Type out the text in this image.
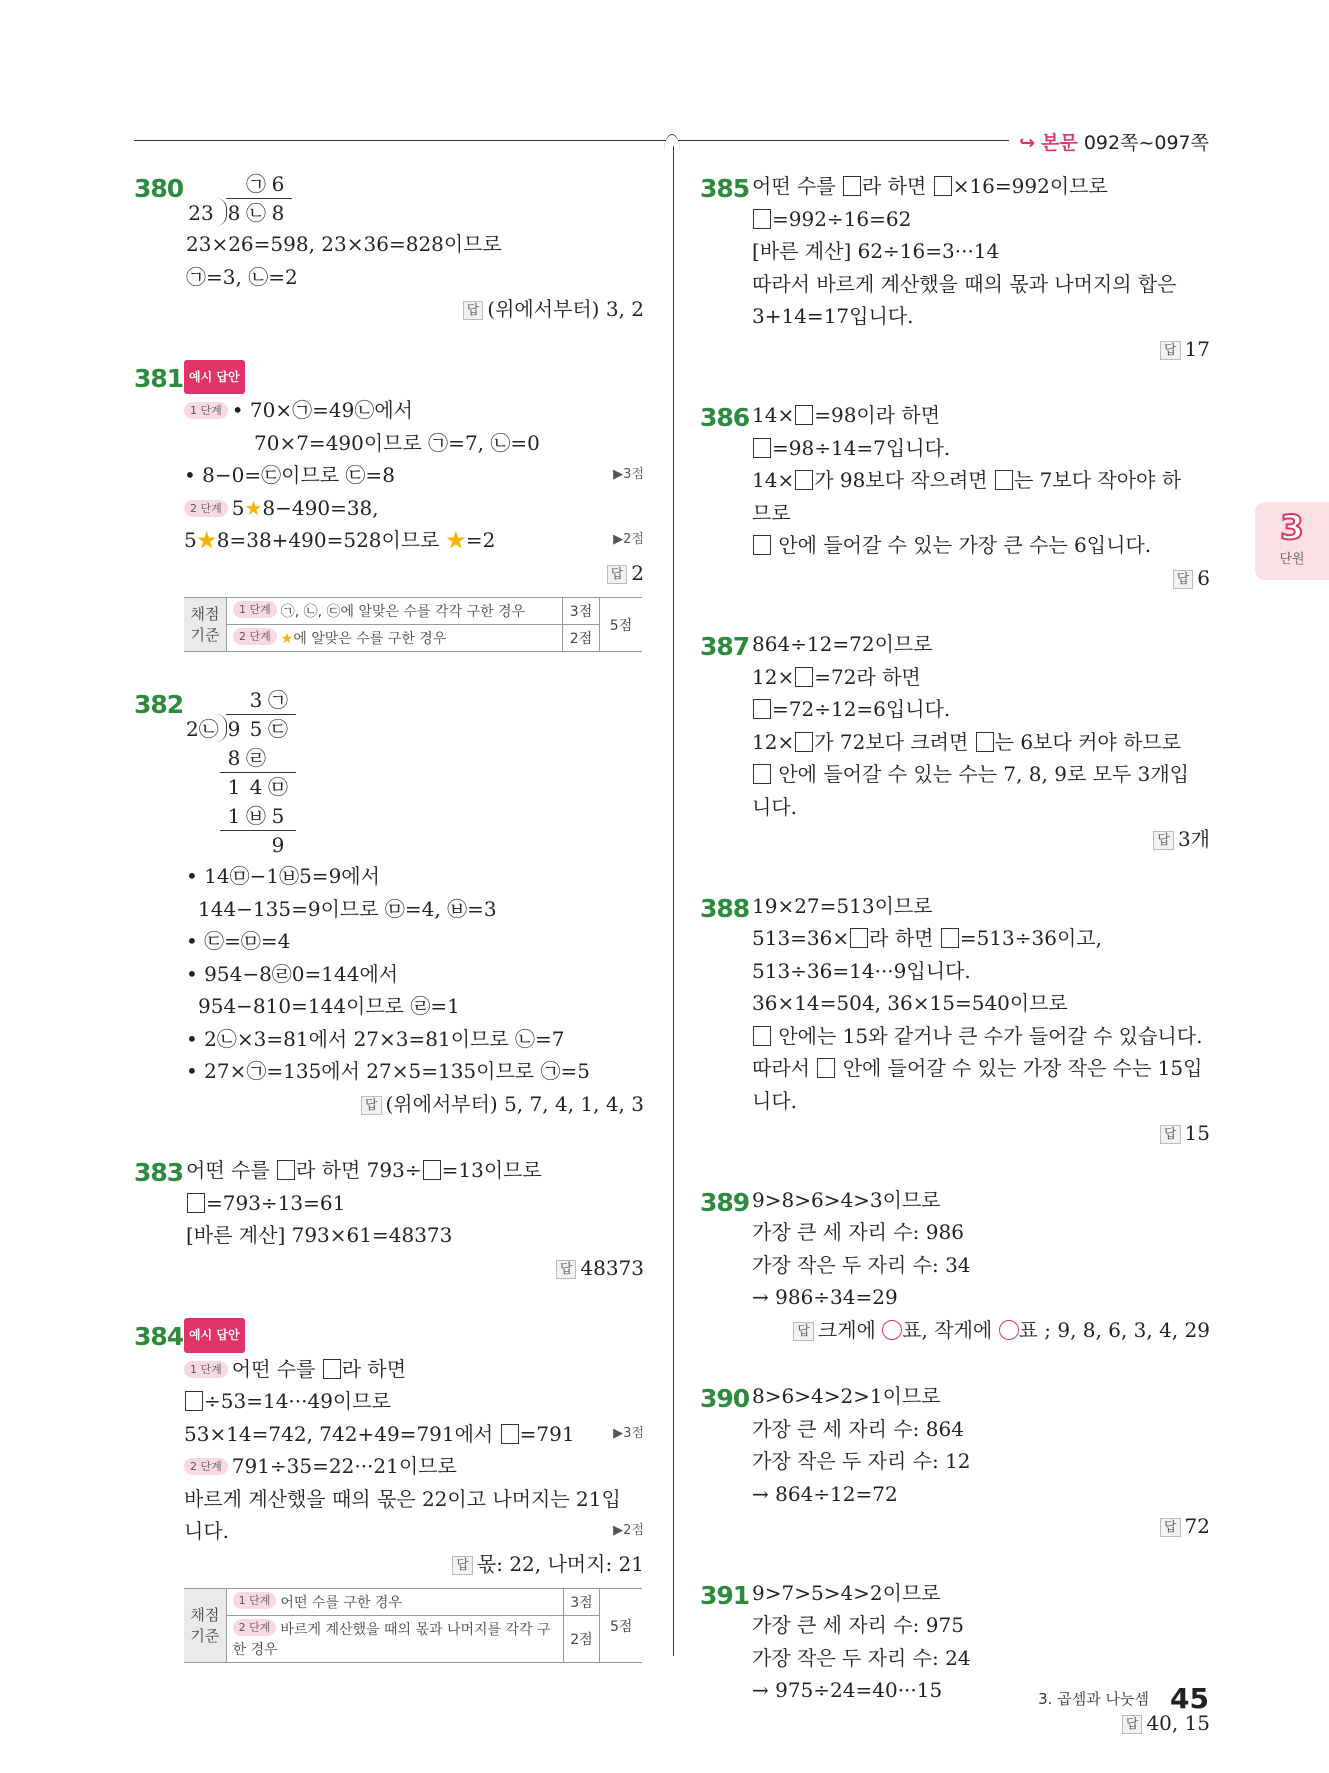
↪ 본문 092쪽~097쪽
380	㉠ 6
23 8 ㉡ 8
23×26=598, 23×36=828이므로
㉠=3, ㉡=2
답 (위에서부터) 3, 2
381 예시 답안
1 단계 • 70×㉠=49㉡에서
70×7=490이므로 ㉠=7, ㉡=0
• 8−0=㉢이므로 ㉢=8	▶3점
2 단계 5★8−490=38,
5★8=38+490=528이므로 ★=2	▶2점
답 2
채점 기준	1 단계 ㉠, ㉡, ㉢에 알맞은 수를 각각 구한 경우	3점	5점
	2 단계 ★에 알맞은 수를 구한 경우	2점	
382	3 ㉠
2㉡ 9 5 ㉢
8 ㉣
1 4 ㉤
1 ㉥ 5
9
• 14㉤−1㉥5=9에서
144−135=9이므로 ㉤=4, ㉥=3
• ㉢=㉤=4
• 954−8㉣0=144에서
954−810=144이므로 ㉣=1
• 2㉡×3=81에서 27×3=81이므로 ㉡=7
• 27×㉠=135에서 27×5=135이므로 ㉠=5
답 (위에서부터) 5, 7, 4, 1, 4, 3
383 어떤 수를 라 하면 793÷ =13이므로
=793÷13=61
[바른 계산] 793×61=48373
답 48373
384 예시 답안
1 단계 어떤 수를 라 하면
÷53=14···49이므로
53×14=742, 742+49=791에서 =791	▶3점
2 단계 791÷35=22···21이므로
바르게 계산했을 때의 몫은 22이고 나머지는 21입
니다.	▶2점
답 몫: 22, 나머지: 21
채점 기준	1 단계 어떤 수를 구한 경우	3점	5점
	2 단계 바르게 계산했을 때의 몫과 나머지를 각각 구한 경우	2점	
385 어떤 수를 라 하면 ×16=992이므로
=992÷16=62
[바른 계산] 62÷16=3···14
따라서 바르게 계산했을 때의 몫과 나머지의 합은
3+14=17입니다.
답 17
386 14× =98이라 하면
=98÷14=7입니다.
14× 가 98보다 작으려면 는 7보다 작아야 하
므로
안에 들어갈 수 있는 가장 큰 수는 6입니다.
답 6
387 864÷12=72이므로
12× =72라 하면
=72÷12=6입니다.
12× 가 72보다 크려면 는 6보다 커야 하므로
안에 들어갈 수 있는 수는 7, 8, 9로 모두 3개입
니다.
답 3개
388 19×27=513이므로
513=36× 라 하면 =513÷36이고,
513÷36=14···9입니다.
36×14=504, 36×15=540이므로
안에는 15와 같거나 큰 수가 들어갈 수 있습니다.
따라서 안에 들어갈 수 있는 가장 작은 수는 15입
니다.
답 15
389 9>8>6>4>3이므로
가장 큰 세 자리 수: 986
가장 작은 두 자리 수: 34
→ 986÷34=29
답 크게에 ○표, 작게에 ○표 ; 9, 8, 6, 3, 4, 29
390 8>6>4>2>1이므로
가장 큰 세 자리 수: 864
가장 작은 두 자리 수: 12
→ 864÷12=72
답 72
391 9>7>5>4>2이므로
가장 큰 세 자리 수: 975
가장 작은 두 자리 수: 24
→ 975÷24=40···15
답 40, 15
3
단원
3. 곱셈과 나눗셈 45
